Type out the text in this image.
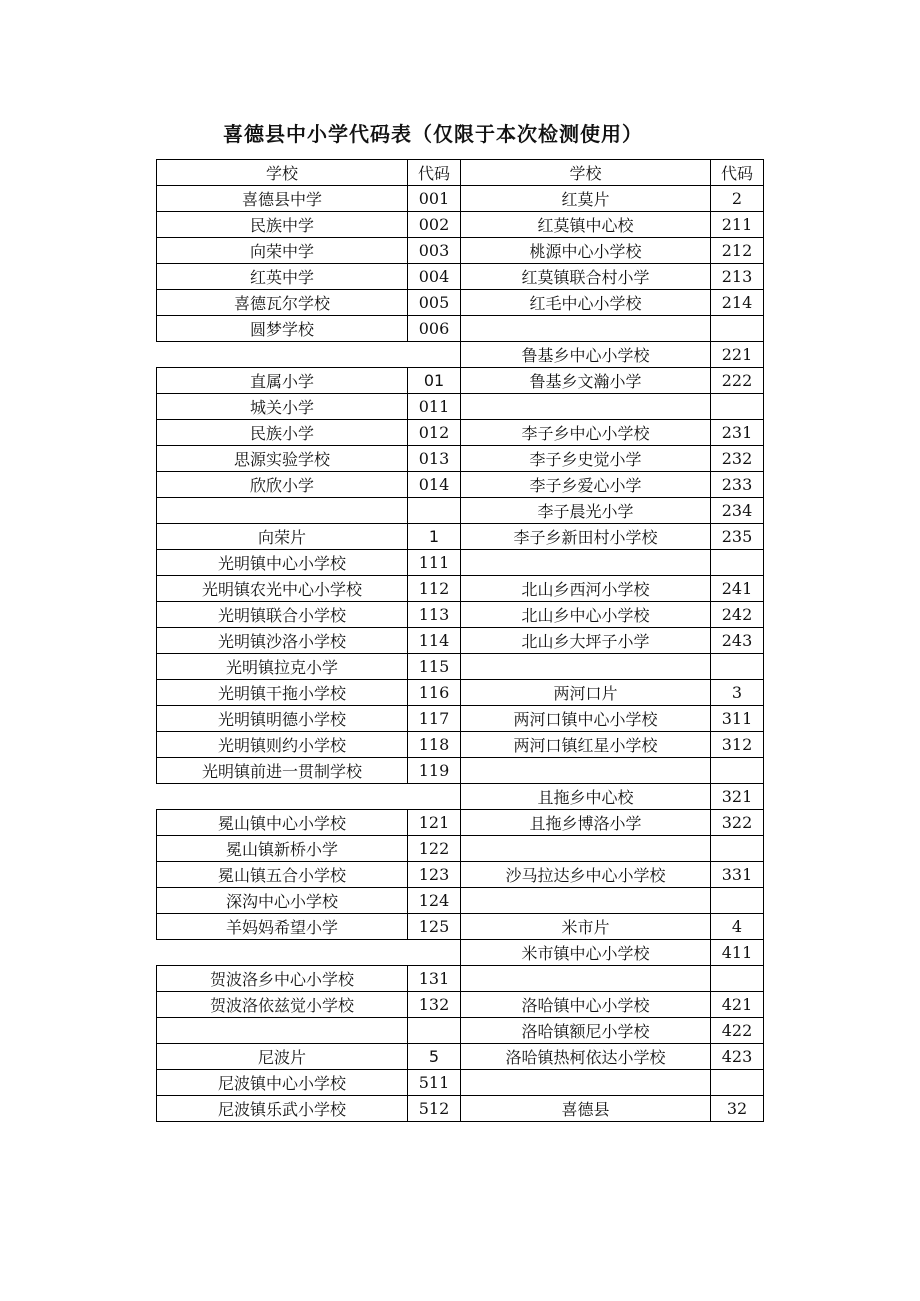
喜德县中小学代码表（仅限于本次检测使用）
学校	代码	学校	代码
喜德县中学	001	红莫片	2
民族中学	002	红莫镇中心校	211
向荣中学	003	桃源中心小学校	212
红英中学	004	红莫镇联合村小学	213
喜德瓦尔学校	005	红毛中心小学校	214
圆梦学校	006		
		鲁基乡中心小学校	221
直属小学	01	鲁基乡文瀚小学	222
城关小学	011		
民族小学	012	李子乡中心小学校	231
思源实验学校	013	李子乡史觉小学	232
欣欣小学	014	李子乡爱心小学	233
		李子晨光小学	234
向荣片	1	李子乡新田村小学校	235
光明镇中心小学校	111		
光明镇农光中心小学校	112	北山乡西河小学校	241
光明镇联合小学校	113	北山乡中心小学校	242
光明镇沙洛小学校	114	北山乡大坪子小学	243
光明镇拉克小学	115		
光明镇干拖小学校	116	两河口片	3
光明镇明德小学校	117	两河口镇中心小学校	311
光明镇则约小学校	118	两河口镇红星小学校	312
光明镇前进一贯制学校	119		
		且拖乡中心校	321
冕山镇中心小学校	121	且拖乡博洛小学	322
冕山镇新桥小学	122		
冕山镇五合小学校	123	沙马拉达乡中心小学校	331
深沟中心小学校	124		
羊妈妈希望小学	125	米市片	4
		米市镇中心小学校	411
贺波洛乡中心小学校	131		
贺波洛依兹觉小学校	132	洛哈镇中心小学校	421
		洛哈镇额尼小学校	422
尼波片	5	洛哈镇热柯依达小学校	423
尼波镇中心小学校	511		
尼波镇乐武小学校	512	喜德县	32
